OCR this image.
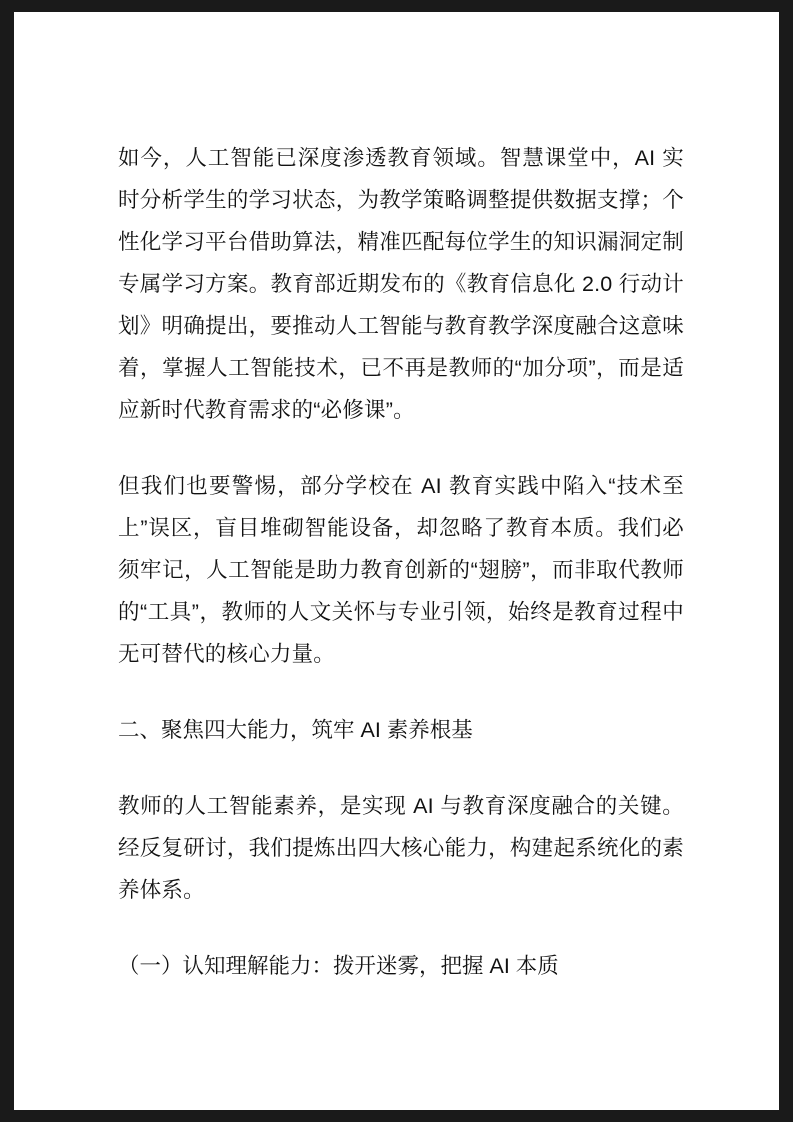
如今，人工智能已深度渗透教育领域。智慧课堂中，AI 实时分析学生的学习状态，为教学策略调整提供数据支撑；个性化学习平台借助算法，精准匹配每位学生的知识漏洞定制专属学习方案。教育部近期发布的《教育信息化 2.0 行动计划》明确提出，要推动人工智能与教育教学深度融合这意味着，掌握人工智能技术，已不再是教师的“加分项”，而是适应新时代教育需求的“必修课”。

但我们也要警惕，部分学校在 AI 教育实践中陷入“技术至上”误区，盲目堆砌智能设备，却忽略了教育本质。我们必须牢记，人工智能是助力教育创新的“翅膀”，而非取代教师的“工具”，教师的人文关怀与专业引领，始终是教育过程中无可替代的核心力量。

二、聚焦四大能力，筑牢 AI 素养根基

教师的人工智能素养，是实现 AI 与教育深度融合的关键。经反复研讨，我们提炼出四大核心能力，构建起系统化的素养体系。

（一）认知理解能力：拨开迷雾，把握 AI 本质
